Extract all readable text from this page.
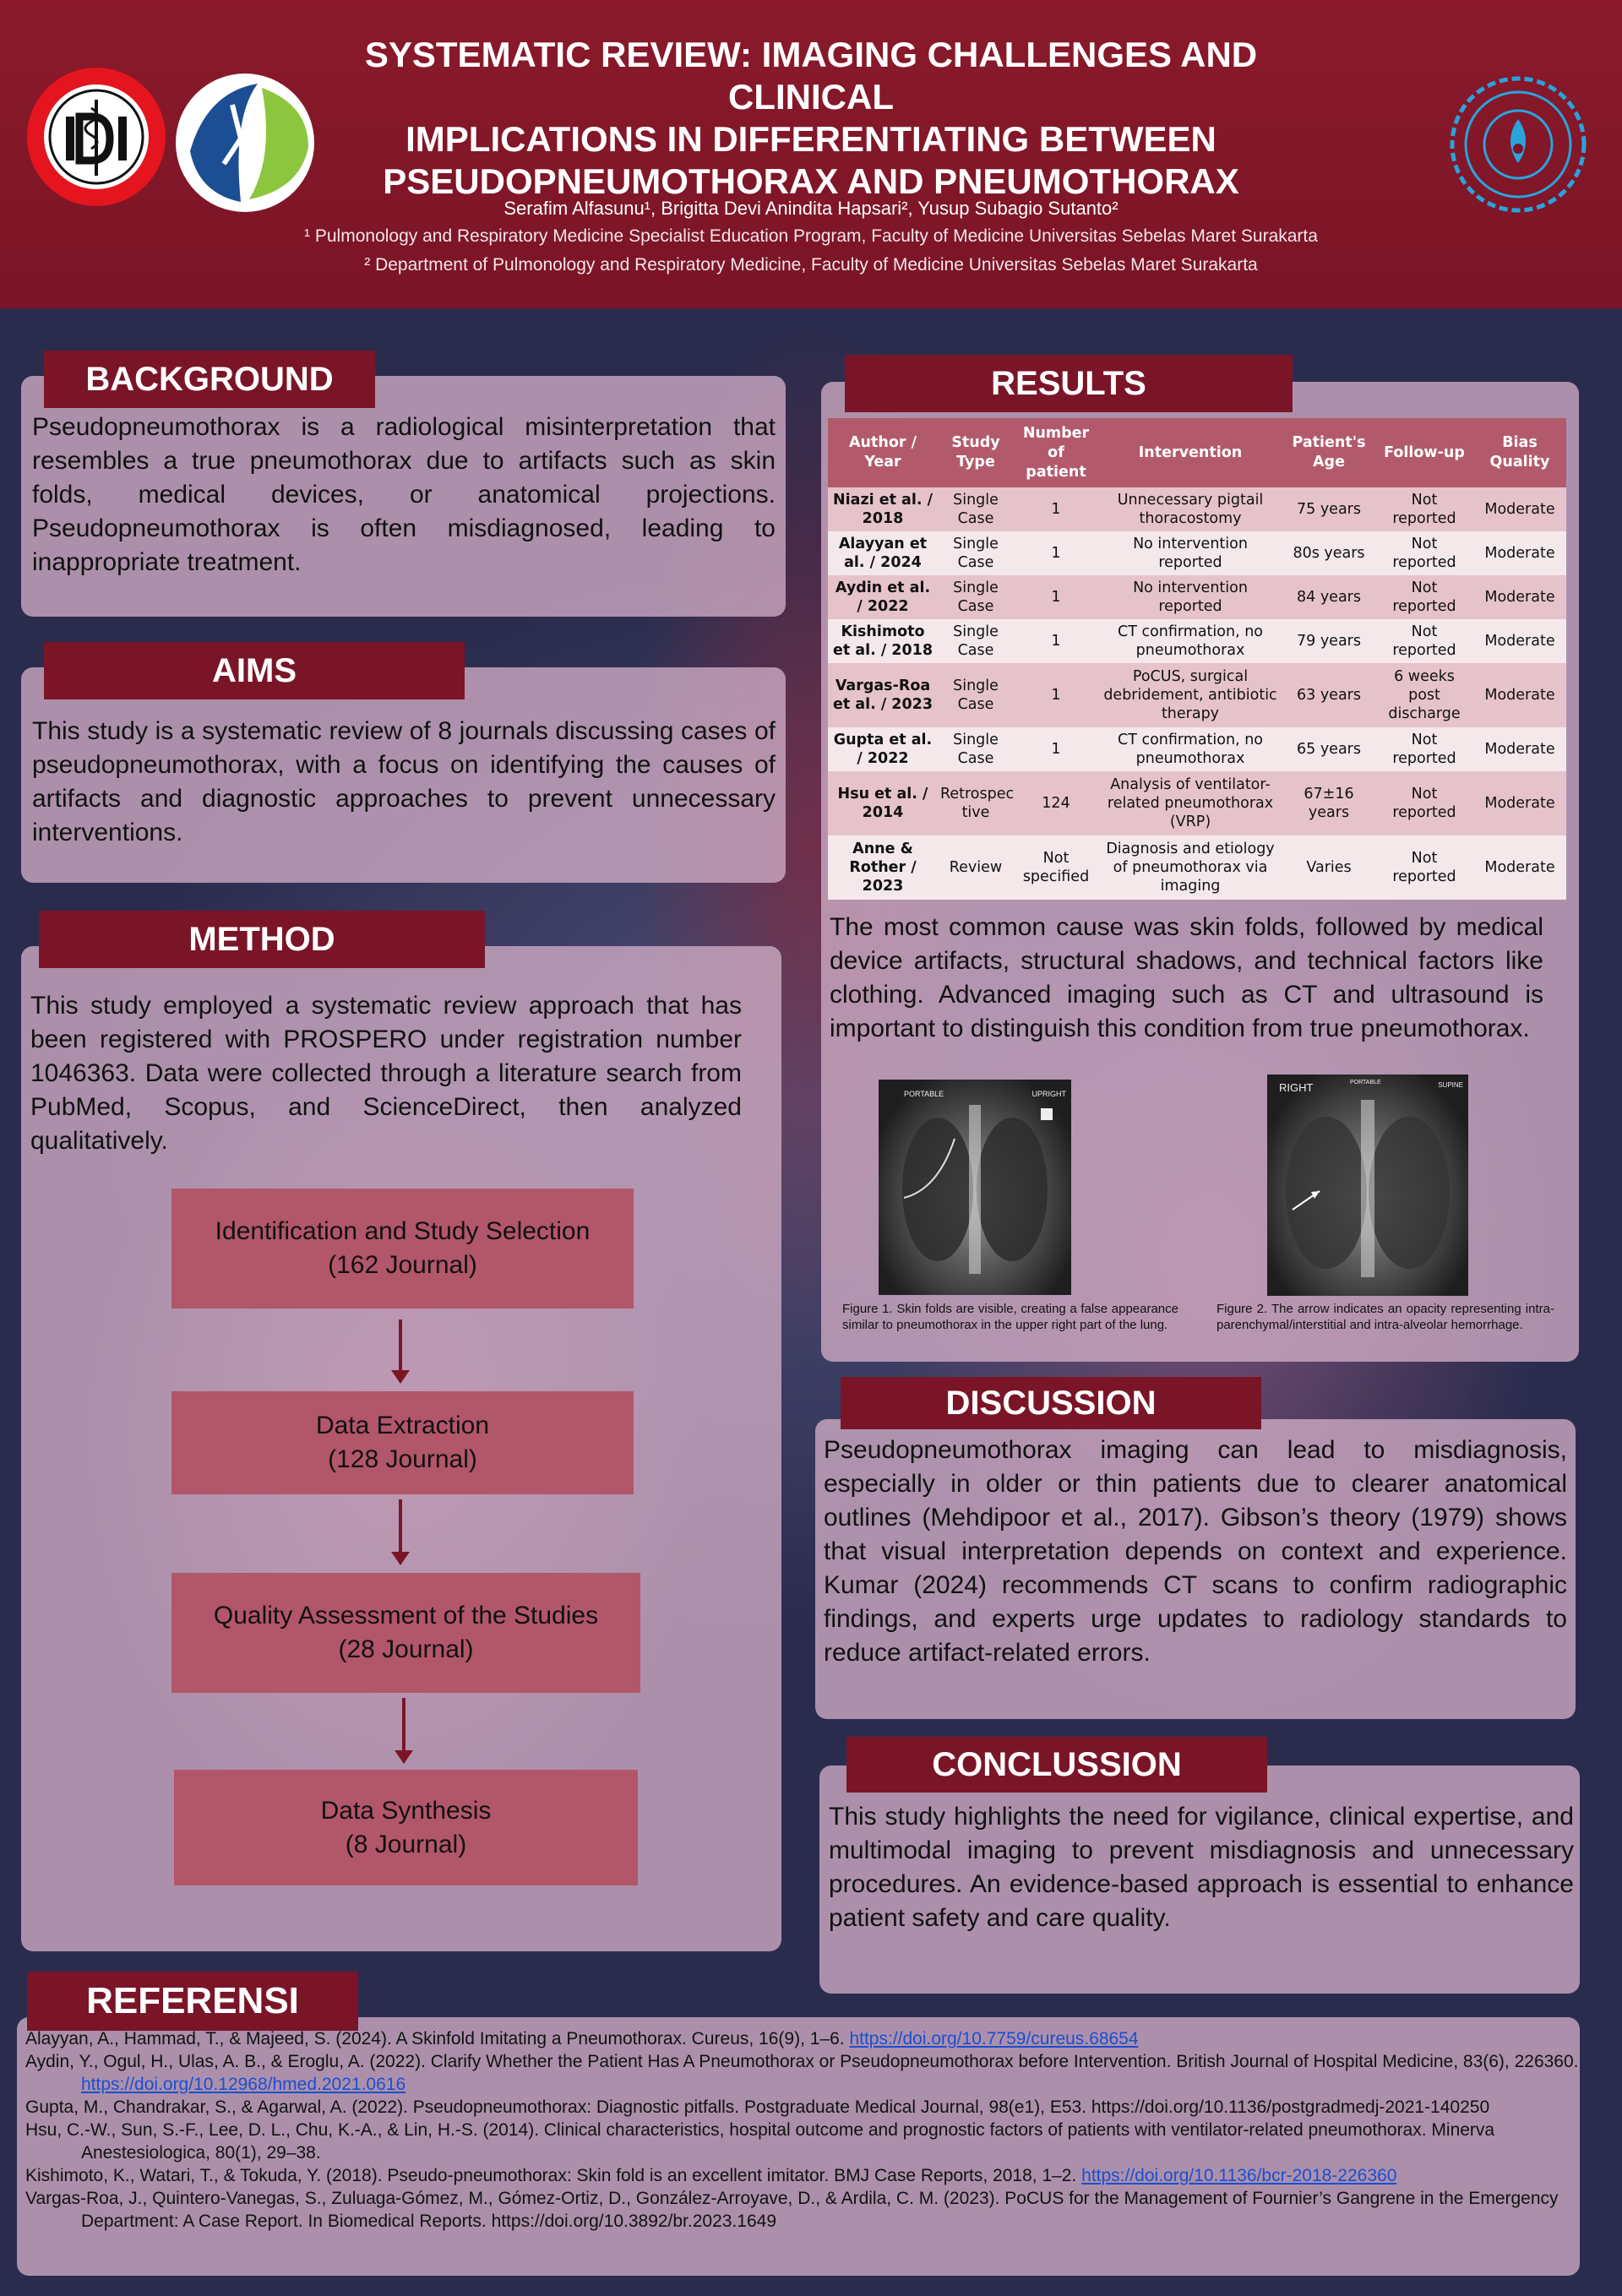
SYSTEMATIC REVIEW: IMAGING CHALLENGES AND CLINICAL
IMPLICATIONS IN DIFFERENTIATING BETWEEN
PSEUDOPNEUMOTHORAX AND PNEUMOTHORAX
Serafim Alfasunu¹, Brigitta Devi Anindita Hapsari², Yusup Subagio Sutanto²
¹ Pulmonology and Respiratory Medicine Specialist Education Program, Faculty of Medicine Universitas Sebelas Maret Surakarta
² Department of Pulmonology and Respiratory Medicine, Faculty of Medicine Universitas Sebelas Maret Surakarta
BACKGROUND
Pseudopneumothorax is a radiological misinterpretation that resembles a true pneumothorax due to artifacts such as skin folds, medical devices, or anatomical projections. Pseudopneumothorax is often misdiagnosed, leading to inappropriate treatment.
AIMS
This study is a systematic review of 8 journals discussing cases of pseudopneumothorax, with a focus on identifying the causes of artifacts and diagnostic approaches to prevent unnecessary interventions.
METHOD
This study employed a systematic review approach that has been registered with PROSPERO under registration number 1046363. Data were collected through a literature search from PubMed, Scopus, and ScienceDirect, then analyzed qualitatively.
Identification and Study Selection
(162 Journal)
Data Extraction
(128 Journal)
Quality Assessment of the Studies
(28 Journal)
Data Synthesis
(8 Journal)
RESULTS
Author / Year	Study Type	Number of patient	Intervention	Patient's Age	Follow-up	Bias Quality
Niazi et al. / 2018	Single Case	1	Unnecessary pigtail thoracostomy	75 years	Not reported	Moderate
Alayyan et al. / 2024	Single Case	1	No intervention reported	80s years	Not reported	Moderate
Aydin et al. / 2022	Single Case	1	No intervention reported	84 years	Not reported	Moderate
Kishimoto et al. / 2018	Single Case	1	CT confirmation, no pneumothorax	79 years	Not reported	Moderate
Vargas-Roa et al. / 2023	Single Case	1	PoCUS, surgical debridement, antibiotic therapy	63 years	6 weeks post discharge	Moderate
Gupta et al. / 2022	Single Case	1	CT confirmation, no pneumothorax	65 years	Not reported	Moderate
Hsu et al. / 2014	Retrospec tive	124	Analysis of ventilator-related pneumothorax (VRP)	67±16 years	Not reported	Moderate
Anne & Rother / 2023	Review	Not specified	Diagnosis and etiology of pneumothorax via imaging	Varies	Not reported	Moderate
The most common cause was skin folds, followed by medical device artifacts, structural shadows, and technical factors like clothing. Advanced imaging such as CT and ultrasound is important to distinguish this condition from true pneumothorax.
PORTABLE	UPRIGHT
Figure 1. Skin folds are visible, creating a false appearance similar to pneumothorax in the upper right part of the lung.
RIGHT	PORTABLE	SUPINE
Figure 2. The arrow indicates an opacity representing intra-parenchymal/interstitial and intra-alveolar hemorrhage.
DISCUSSION
Pseudopneumothorax imaging can lead to misdiagnosis, especially in older or thin patients due to clearer anatomical outlines (Mehdipoor et al., 2017). Gibson’s theory (1979) shows that visual interpretation depends on context and experience. Kumar (2024) recommends CT scans to confirm radiographic findings, and experts urge updates to radiology standards to reduce artifact-related errors.
CONCLUSSION
This study highlights the need for vigilance, clinical expertise, and multimodal imaging to prevent misdiagnosis and unnecessary procedures. An evidence-based approach is essential to enhance patient safety and care quality.
REFERENSI
Alayyan, A., Hammad, T., & Majeed, S. (2024). A Skinfold Imitating a Pneumothorax. Cureus, 16(9), 1–6. https://doi.org/10.7759/cureus.68654
Aydin, Y., Ogul, H., Ulas, A. B., & Eroglu, A. (2022). Clarify Whether the Patient Has A Pneumothorax or Pseudopneumothorax before Intervention. British Journal of Hospital Medicine, 83(6), 226360. https://doi.org/10.12968/hmed.2021.0616
Gupta, M., Chandrakar, S., & Agarwal, A. (2022). Pseudopneumothorax: Diagnostic pitfalls. Postgraduate Medical Journal, 98(e1), E53. https://doi.org/10.1136/postgradmedj-2021-140250
Hsu, C.-W., Sun, S.-F., Lee, D. L., Chu, K.-A., & Lin, H.-S. (2014). Clinical characteristics, hospital outcome and prognostic factors of patients with ventilator-related pneumothorax. Minerva Anestesiologica, 80(1), 29–38.
Kishimoto, K., Watari, T., & Tokuda, Y. (2018). Pseudo-pneumothorax: Skin fold is an excellent imitator. BMJ Case Reports, 2018, 1–2. https://doi.org/10.1136/bcr-2018-226360
Vargas-Roa, J., Quintero-Vanegas, S., Zuluaga-Gómez, M., Gómez-Ortiz, D., González-Arroyave, D., & Ardila, C. M. (2023). PoCUS for the Management of Fournier’s Gangrene in the Emergency Department: A Case Report. In Biomedical Reports. https://doi.org/10.3892/br.2023.1649
